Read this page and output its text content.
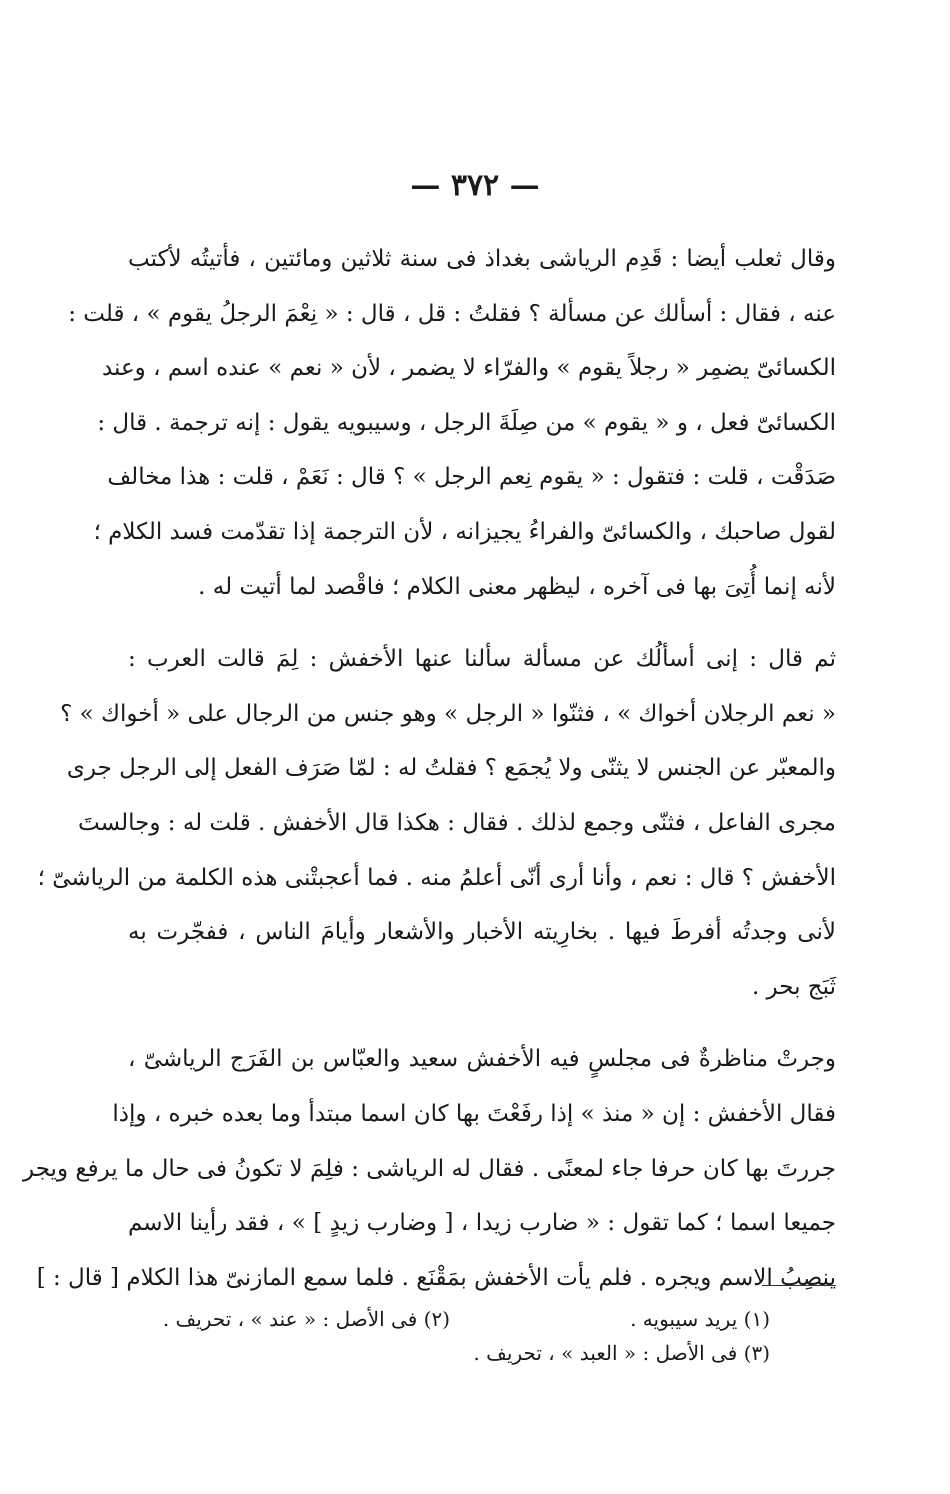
— ٣٧٢ —
وقال ثعلب أيضا : قَدِم الرياشى بغداذ فى سنة ثلاثين ومائتين ، فأتيتُه لأكتب
عنه ، فقال : أسألك عن مسألة ؟ فقلتُ : قل ، قال : « نِعْمَ الرجلُ يقوم » ، قلت :
الكسائىّ يضمِر « رجلاً يقوم » والفرّاء لا يضمر ، لأن « نعم » عنده اسم ، وعند
الكسائىّ فعل ، و « يقوم » من صِلَةَ الرجل ، وسيبويه يقول : إنه ترجمة . قال :
صَدَقْت ، قلت : فتقول : « يقوم نِعم الرجل » ؟ قال : نَعَمْ ، قلت : هذا مخالف
لقول صاحبك ، والكسائىّ والفراءُ يجيزانه ، لأن الترجمة إذا تقدّمت فسد الكلام ؛
لأنه إنما أُتِىَ بها فى آخره ، ليظهر معنى الكلام ؛ فاقْصد لما أتيت له .
ثم قال : إنى أسألُك عن مسألة سألنا عنها الأخفش : لِمَ قالت العرب :
« نعم الرجلان أخواك » ، فثنّوا « الرجل » وهو جنس من الرجال على « أخواك » ؟
والمعبّر عن الجنس لا يثنّى ولا يُجمَع ؟ فقلتُ له : لمّا صَرَف الفعل إلى الرجل جرى
مجرى الفاعل ، فثنّى وجمع لذلك . فقال : هكذا قال الأخفش . قلت له : وجالستَ
الأخفش ؟ قال : نعم ، وأنا أرى أنّى أعلمُ منه . فما أعجبتْنى هذه الكلمة من الرياشىّ ؛
لأنى وجدتُه أفرطَ فيها . بخارِيته الأخبار والأشعار وأيامَ الناس ، ففجّرت به
ثَبَج بحر .
وجرتْ مناظرةٌ فى مجلسٍ فيه الأخفش سعيد والعبّاس بن الفَرَج الرياشىّ ،
فقال الأخفش : إن « منذ » إذا رفَعْتَ بها كان اسما مبتدأ وما بعده خبره ، وإذا
جررتَ بها كان حرفا جاء لمعنًى . فقال له الرياشى : فلِمَ لا تكونُ فى حال ما يرفع ويجر
جميعا اسما ؛ كما تقول : « ضارب زيدا ، [ وضارب زيدٍ ] » ، فقد رأينا الاسم
ينصِبُ الاسم ويجره . فلم يأت الأخفش بمَقْنَع . فلما سمع المازنىّ هذا الكلام [ قال : ]
(١) يريد سيبويه .(٢) فى الأصل : « عند » ، تحريف .
(٣) فى الأصل : « العبد » ، تحريف .
